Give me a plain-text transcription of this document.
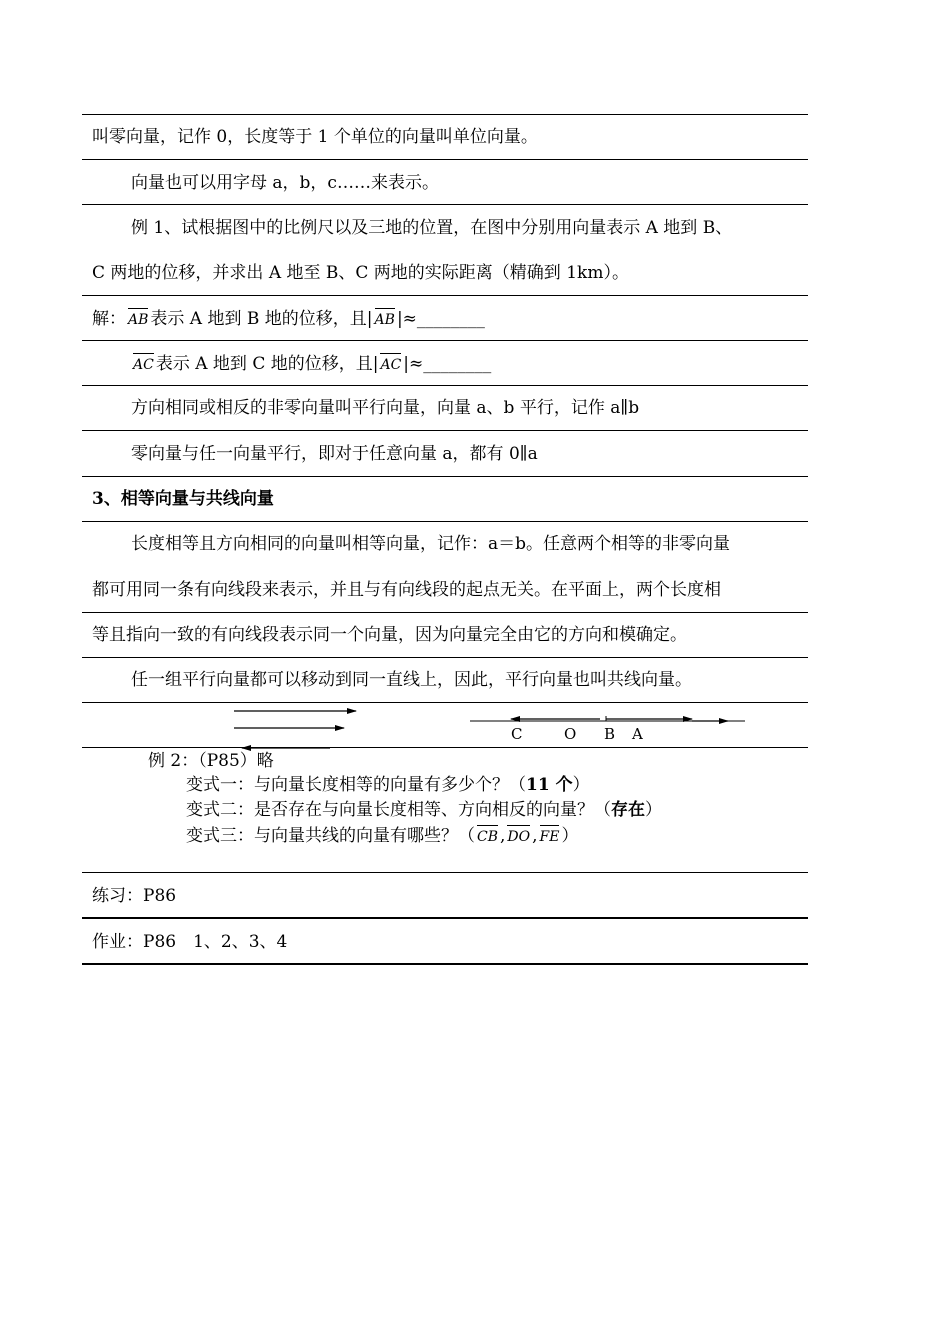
叫零向量，记作 0，长度等于 1 个单位的向量叫单位向量。
向量也可以用字母 a，b，c……来表示。
例 1、试根据图中的比例尺以及三地的位置，在图中分别用向量表示 A 地到 B、
C 两地的位移，并求出 A 地至 B、C 两地的实际距离（精确到 1km）。
解： AB 表示 A 地到 B 地的位移，且| AB |≈________
AC 表示 A 地到 C 地的位移，且| AC |≈________
方向相同或相反的非零向量叫平行向量，向量 a、b 平行，记作 a∥b
零向量与任一向量平行，即对于任意向量 a，都有 0∥a
3、相等向量与共线向量
长度相等且方向相同的向量叫相等向量，记作：a＝b。任意两个相等的非零向量
都可用同一条有向线段来表示，并且与有向线段的起点无关。在平面上，两个长度相
等且指向一致的有向线段表示同一个向量，因为向量完全由它的方向和模确定。
任一组平行向量都可以移动到同一直线上，因此，平行向量也叫共线向量。
C	O B A
例 2：（P85）略
变式一：与向量长度相等的向量有多少个？（11 个）
变式二：是否存在与向量长度相等、方向相反的向量？（存在）
变式三：与向量共线的向量有哪些？（ CB , DO , FE ）
练习：P86
作业：P86　1、2、3、4
